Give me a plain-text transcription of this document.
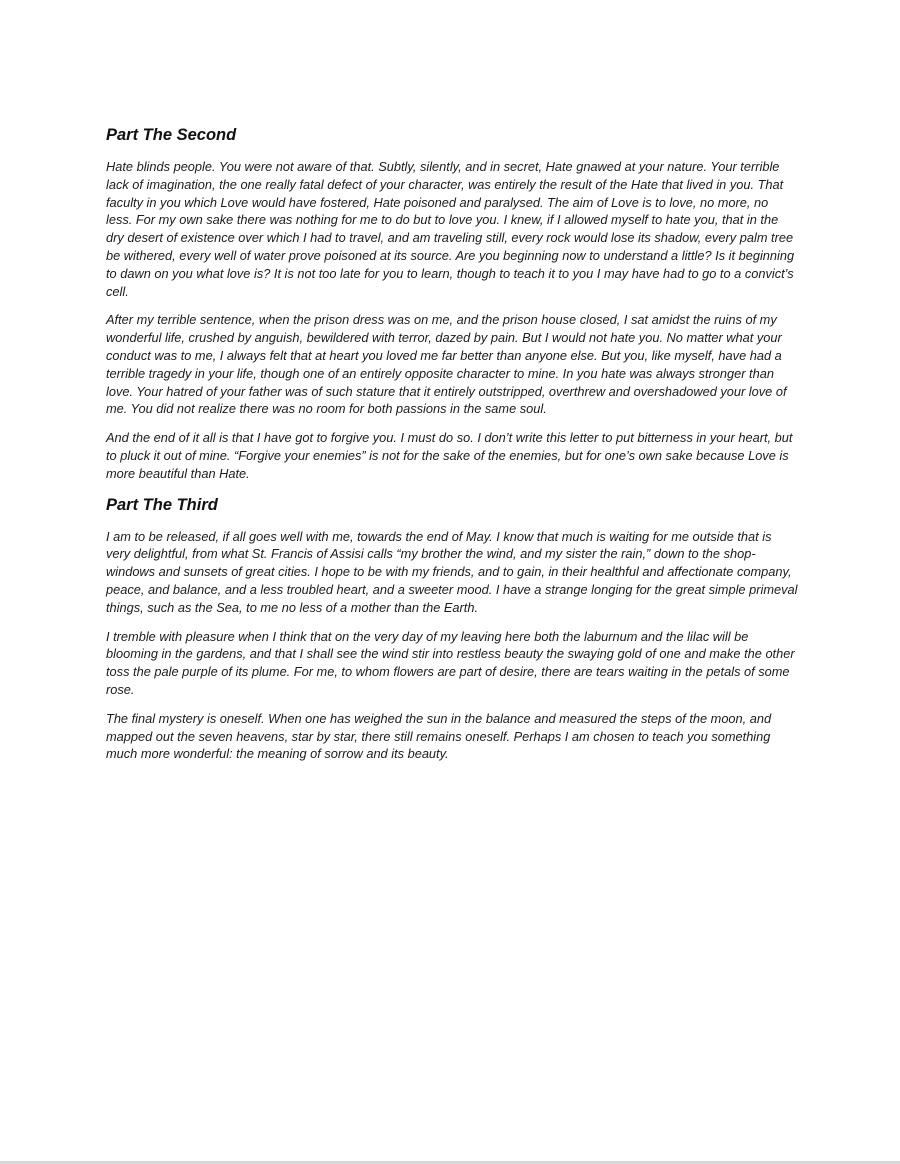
Part The Second

Hate blinds people. You were not aware of that. Subtly, silently, and in secret, Hate gnawed at your nature. Your terrible lack of imagination, the one really fatal defect of your character, was entirely the result of the Hate that lived in you. That faculty in you which Love would have fostered, Hate poisoned and paralysed. The aim of Love is to love, no more, no less. For my own sake there was nothing for me to do but to love you. I knew, if I allowed myself to hate you, that in the dry desert of existence over which I had to travel, and am traveling still, every rock would lose its shadow, every palm tree be withered, every well of water prove poisoned at its source. Are you beginning now to understand a little? Is it beginning to dawn on you what love is? It is not too late for you to learn, though to teach it to you I may have had to go to a convict’s cell.

After my terrible sentence, when the prison dress was on me, and the prison house closed, I sat amidst the ruins of my wonderful life, crushed by anguish, bewildered with terror, dazed by pain. But I would not hate you. No matter what your conduct was to me, I always felt that at heart you loved me far better than anyone else. But you, like myself, have had a terrible tragedy in your life, though one of an entirely opposite character to mine. In you hate was always stronger than love. Your hatred of your father was of such stature that it entirely outstripped, overthrew and overshadowed your love of me. You did not realize there was no room for both passions in the same soul.

And the end of it all is that I have got to forgive you. I must do so. I don’t write this letter to put bitterness in your heart, but to pluck it out of mine. “Forgive your enemies” is not for the sake of the enemies, but for one’s own sake because Love is more beautiful than Hate.

Part The Third

I am to be released, if all goes well with me, towards the end of May. I know that much is waiting for me outside that is very delightful, from what St. Francis of Assisi calls “my brother the wind, and my sister the rain,” down to the shop-windows and sunsets of great cities. I hope to be with my friends, and to gain, in their healthful and affectionate company, peace, and balance, and a less troubled heart, and a sweeter mood. I have a strange longing for the great simple primeval things, such as the Sea, to me no less of a mother than the Earth.

I tremble with pleasure when I think that on the very day of my leaving here both the laburnum and the lilac will be blooming in the gardens, and that I shall see the wind stir into restless beauty the swaying gold of one and make the other toss the pale purple of its plume. For me, to whom flowers are part of desire, there are tears waiting in the petals of some rose.

The final mystery is oneself. When one has weighed the sun in the balance and measured the steps of the moon, and mapped out the seven heavens, star by star, there still remains oneself. Perhaps I am chosen to teach you something much more wonderful: the meaning of sorrow and its beauty.
